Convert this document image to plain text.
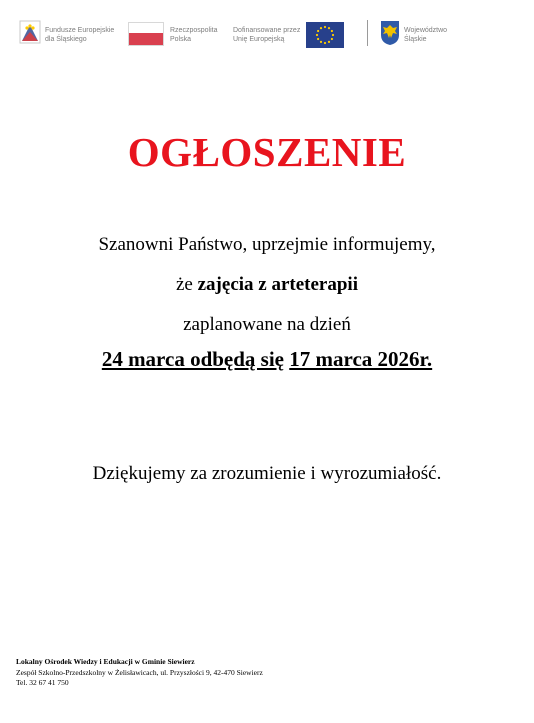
Fundusze Europejskie
dla Śląskiego
Rzeczpospolita
Polska
Dofinansowane przez
Unię Europejską
Województwo
Śląskie
OGŁOSZENIE
Szanowni Państwo, uprzejmie informujemy,
że zajęcia z arteterapii
zaplanowane na dzień
24 marca odbędą się 17 marca 2026r.
Dziękujemy za zrozumienie i wyrozumiałość.
Lokalny Ośrodek Wiedzy i Edukacji w Gminie Siewierz
Zespół Szkolno-Przedszkolny w Żelisławicach, ul. Przyszłości 9, 42-470 Siewierz
Tel. 32 67 41 750
